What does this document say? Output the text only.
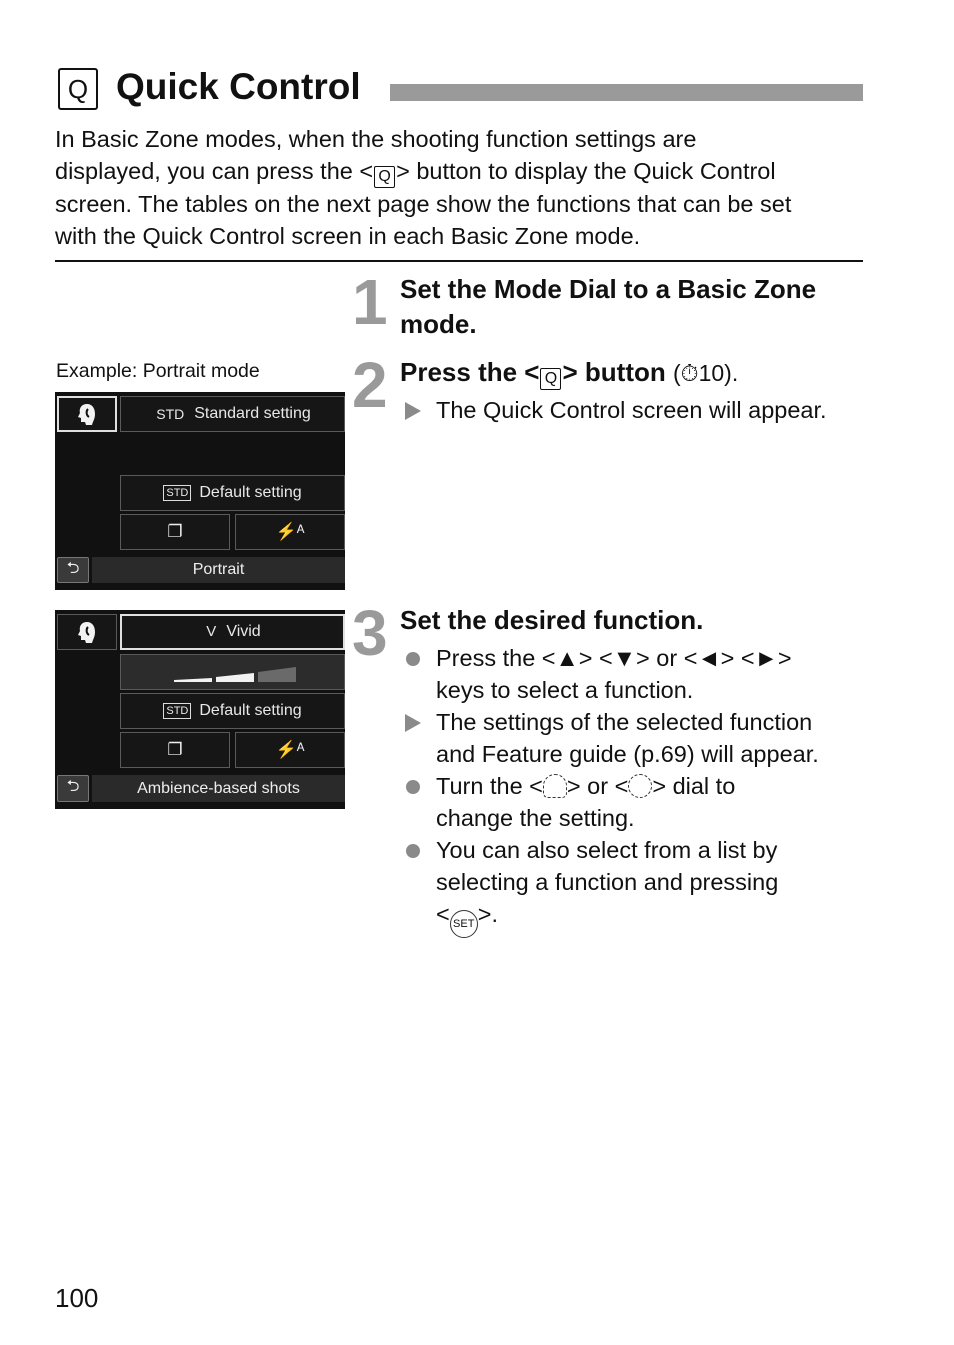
Q Quick Control
In Basic Zone modes, when the shooting function settings are
displayed, you can press the < Q > button to display the Quick Control
screen. The tables on the next page show the functions that can be set
with the Quick Control screen in each Basic Zone mode.
1 Set the Mode Dial to a Basic Zone mode.
Example: Portrait mode
STD Standard setting
STD Default setting
❐	⚡ᴬ
⮌	Portrait
2 Press the < Q > button (⏱10).
The Quick Control screen will appear.
V Vivid
STD Default setting
❐	⚡ᴬ
⮌	Ambience-based shots
3 Set the desired function.
Press the <▲> <▼> or <◄> <►>
keys to select a function.
The settings of the selected function
and Feature guide (p.69) will appear.
Turn the < > or < > dial to
change the setting.
You can also select from a list by
selecting a function and pressing
< SET >.
100
